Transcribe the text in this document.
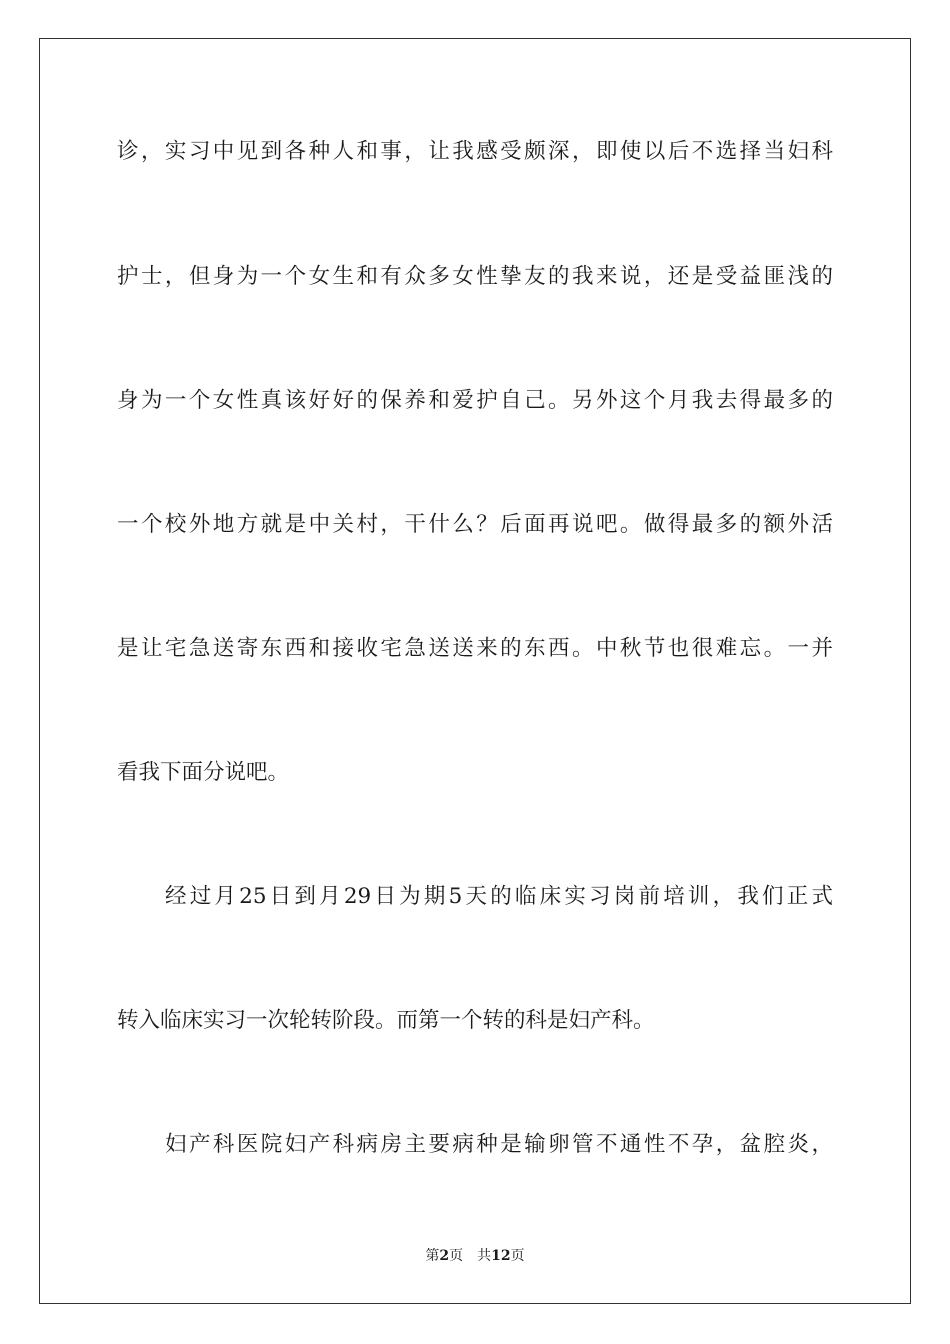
诊，实习中见到各种人和事，让我感受颇深，即使以后不选择当妇科
护士，但身为一个女生和有众多女性挚友的我来说，还是受益匪浅的
身为一个女性真该好好的保养和爱护自己。另外这个月我去得最多的
一个校外地方就是中关村，干什么？后面再说吧。做得最多的额外活
是让宅急送寄东西和接收宅急送送来的东西。中秋节也很难忘。一并
看我下面分说吧。
经过月25日到月29日为期5天的临床实习岗前培训，我们正式
转入临床实习一次轮转阶段。而第一个转的科是妇产科。
妇产科医院妇产科病房主要病种是输卵管不通性不孕，盆腔炎，
第2页 共12页
